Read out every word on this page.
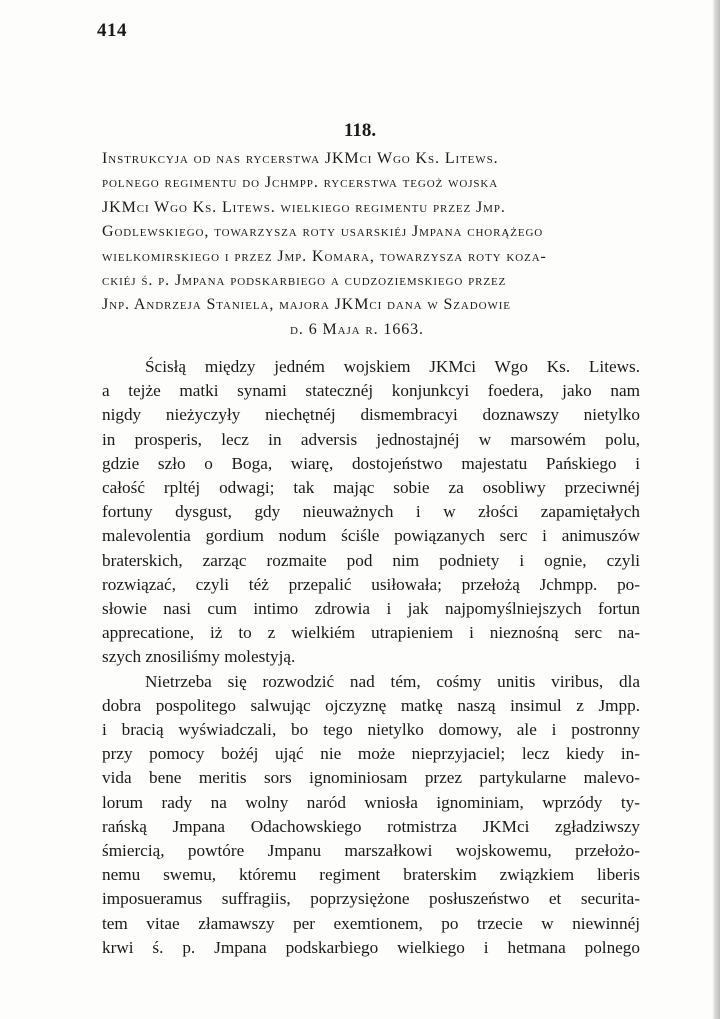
414
118.
Instrukcyja od nas rycerstwa JKMci Wgo Ks. Litews.
polnego regimentu do Jchmpp. rycerstwa tegoż wojska
JKMci Wgo Ks. Litews. wielkiego regimentu przez Jmp.
Godlewskiego, towarzysza roty usarskiéj Jmpana chorążego
wielkomirskiego i przez Jmp. Komara, towarzysza roty koza-
ckiéj ś. p. Jmpana podskarbiego a cudzoziemskiego przez
Jnp. Andrzeja Staniela, majora JKMci dana w Szadowie
d. 6 Maja r. 1663.
Ścisłą między jedném wojskiem JKMci Wgo Ks. Litews.
a tejże matki synami statecznéj konjunkcyi foedera, jako nam
nigdy nieżyczyły niechętnéj dismembracyi doznawszy nietylko
in prosperis, lecz in adversis jednostajnéj w marsowém polu,
gdzie szło o Boga, wiarę, dostojeństwo majestatu Pańskiego i
całość rpltéj odwagi; tak mając sobie za osobliwy przeciwnéj
fortuny dysgust, gdy nieuważnych i w złości zapamiętałych
malevolentia gordium nodum ściśle powiązanych serc i animuszów
braterskich, zarząc rozmaite pod nim podniety i ognie, czyli
rozwiązać, czyli téż przepalić usiłowała; przełożą Jchmpp. po-
słowie nasi cum intimo zdrowia i jak najpomyślniejszych fortun
apprecatione, iż to z wielkiém utrapieniem i nieznośną serc na-
szych znosiliśmy molestyją.
Nietrzeba się rozwodzić nad tém, cośmy unitis viribus, dla
dobra pospolitego salwując ojczyznę matkę naszą insimul z Jmpp.
i bracią wyświadczali, bo tego nietylko domowy, ale i postronny
przy pomocy bożéj ująć nie może nieprzyjaciel; lecz kiedy in-
vida bene meritis sors ignominiosam przez partykularne malevo-
lorum rady na wolny naród wniosła ignominiam, wprzódy ty-
rańską Jmpana Odachowskiego rotmistrza JKMci zgładziwszy
śmiercią, powtóre Jmpanu marszałkowi wojskowemu, przełożo-
nemu swemu, któremu regiment braterskim związkiem liberis
imposueramus suffragiis, poprzysiężone posłuszeństwo et securita-
tem vitae złamawszy per exemtionem, po trzecie w niewinnéj
krwi ś. p. Jmpana podskarbiego wielkiego i hetmana polnego
